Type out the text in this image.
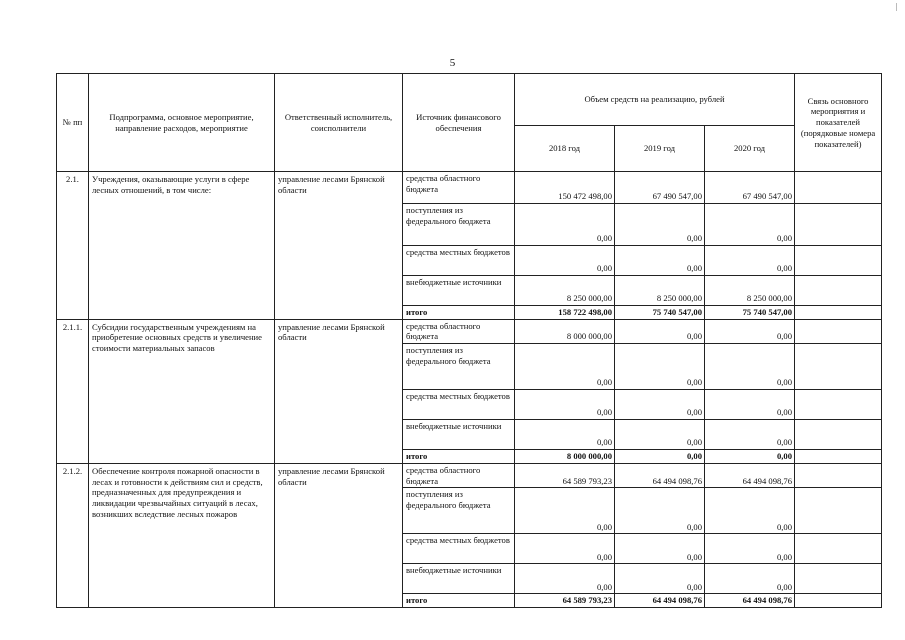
5
№ пп	Подпрограмма, основное мероприятие, направление расходов, мероприятие	Ответственный исполнитель, соисполнители	Источник финансового обеспечения	Объем средств на реализацию, рублей			Связь основного мероприятия и показателей (порядковые номера показателей)
				2018 год	2019 год	2020 год	
2.1.	Учреждения, оказывающие услуги в сфере лесных отношений, в том числе:	управление лесами Брянской области	средства областного бюджета	150 472 498,00	67 490 547,00	67 490 547,00	
			поступления из федерального бюджета	0,00	0,00	0,00	
			средства местных бюджетов	0,00	0,00	0,00	
			внебюджетные источники	8 250 000,00	8 250 000,00	8 250 000,00	
			итого	158 722 498,00	75 740 547,00	75 740 547,00	
2.1.1.	Субсидии государственным учреждениям на приобретение основных средств и увеличение стоимости материальных запасов	управление лесами Брянской области	средства областного бюджета	8 000 000,00	0,00	0,00	
			поступления из федерального бюджета	0,00	0,00	0,00	
			средства местных бюджетов	0,00	0,00	0,00	
			внебюджетные источники	0,00	0,00	0,00	
			итого	8 000 000,00	0,00	0,00	
2.1.2.	Обеспечение контроля пожарной опасности в лесах и готовности к действиям сил и средств, предназначенных для предупреждения и ликвидации чрезвычайных ситуаций в лесах, возникших вследствие лесных пожаров	управление лесами Брянской области	средства областного бюджета	64 589 793,23	64 494 098,76	64 494 098,76	
			поступления из федерального бюджета	0,00	0,00	0,00	
			средства местных бюджетов	0,00	0,00	0,00	
			внебюджетные источники	0,00	0,00	0,00	
			итого	64 589 793,23	64 494 098,76	64 494 098,76	
